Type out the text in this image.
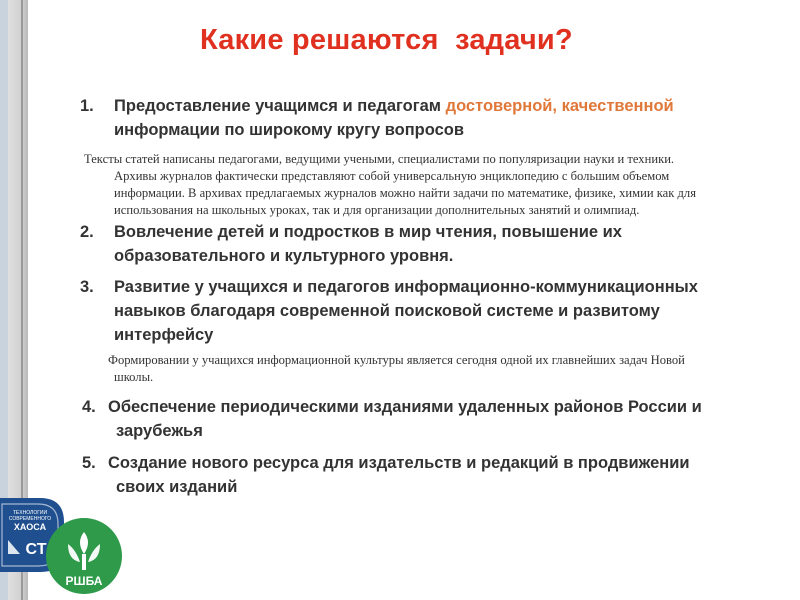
Какие решаются  задачи?
1. Предоставление учащимся и педагогам достоверной, качественной
информации по широкому кругу вопросов
Тексты статей написаны педагогами, ведущими учеными, специалистами по популяризации науки и техники.
Архивы журналов фактически представляют собой универсальную энциклопедию с большим объемом
информации. В архивах предлагаемых журналов можно найти задачи по математике, физике, химии как для
использования на школьных уроках, так и для организации дополнительных занятий и олимпиад.
2. Вовлечение детей и подростков в мир чтения, повышение их
образовательного и культурного уровня.
3. Развитие у учащихся и педагогов информационно-коммуникационных
навыков благодаря современной поисковой системе и развитому
интерфейсу
Формировании у учащихся информационной культуры является сегодня одной их главнейших задач Новой
школы.
4. Обеспечение периодическими изданиями удаленных районов России и
зарубежья
5. Создание нового ресурса для издательств и редакций в продвижении
своих изданий
ТЕХНОЛОГИИ
СОВРЕМЕННОГО
ХАОСА
СТ
РШБА
